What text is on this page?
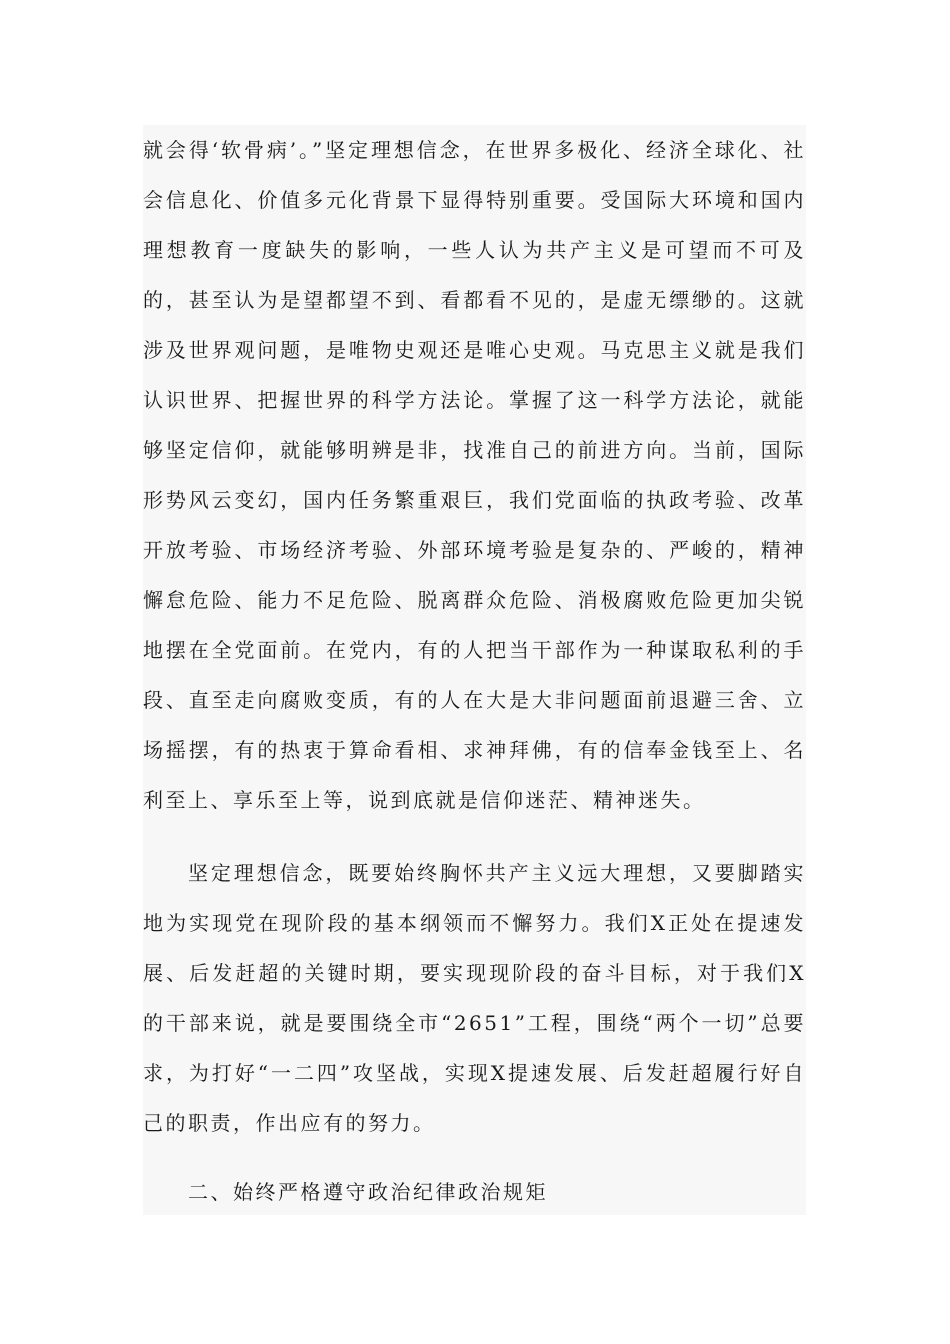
就会得‘软骨病’。”坚定理想信念，在世界多极化、经济全球化、社会信息化、价值多元化背景下显得特别重要。受国际大环境和国内理想教育一度缺失的影响，一些人认为共产主义是可望而不可及的，甚至认为是望都望不到、看都看不见的，是虚无缥缈的。这就涉及世界观问题，是唯物史观还是唯心史观。马克思主义就是我们认识世界、把握世界的科学方法论。掌握了这一科学方法论，就能够坚定信仰，就能够明辨是非，找准自己的前进方向。当前，国际形势风云变幻，国内任务繁重艰巨，我们党面临的执政考验、改革开放考验、市场经济考验、外部环境考验是复杂的、严峻的，精神懈怠危险、能力不足危险、脱离群众危险、消极腐败危险更加尖锐地摆在全党面前。在党内，有的人把当干部作为一种谋取私利的手段、直至走向腐败变质，有的人在大是大非问题面前退避三舍、立场摇摆，有的热衷于算命看相、求神拜佛，有的信奉金钱至上、名利至上、享乐至上等，说到底就是信仰迷茫、精神迷失。

坚定理想信念，既要始终胸怀共产主义远大理想，又要脚踏实地为实现党在现阶段的基本纲领而不懈努力。我们X正处在提速发展、后发赶超的关键时期，要实现现阶段的奋斗目标，对于我们X的干部来说，就是要围绕全市“2651”工程，围绕“两个一切”总要求，为打好“一二四”攻坚战，实现X提速发展、后发赶超履行好自己的职责，作出应有的努力。

二、始终严格遵守政治纪律政治规矩
